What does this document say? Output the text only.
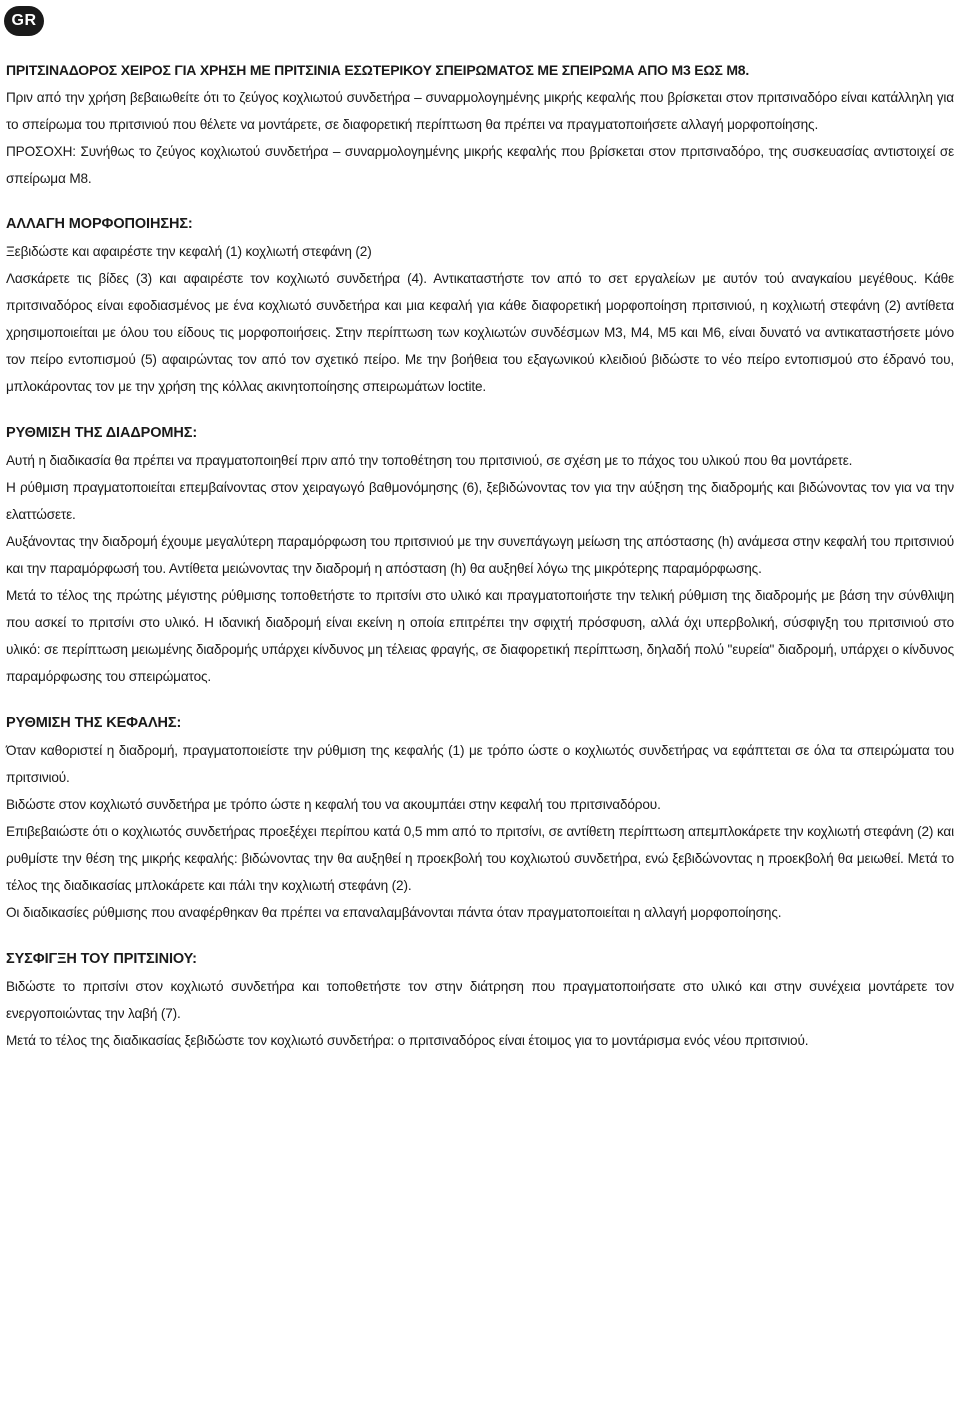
GR

ΠΡΙΤΣΙΝΑΔΟΡΟΣ ΧΕΙΡΟΣ ΓΙΑ ΧΡΗΣΗ ΜΕ ΠΡΙΤΣΙΝΙΑ ΕΣΩΤΕΡΙΚΟΥ ΣΠΕΙΡΩΜΑΤΟΣ ΜΕ ΣΠΕΙΡΩΜΑ ΑΠΟ M3 ΕΩΣ M8.

Πριν από την χρήση βεβαιωθείτε ότι το ζεύγος κοχλιωτού συνδετήρα – συναρμολογημένης μικρής κεφαλής που βρίσκεται στον πριτσιναδόρο είναι κατάλληλη για το σπείρωμα του πριτσινιού που θέλετε να μοντάρετε, σε διαφορετική περίπτωση θα πρέπει να πραγματοποιήσετε αλλαγή μορφοποίησης.

ΠΡΟΣΟΧΗ: Συνήθως το ζεύγος κοχλιωτού συνδετήρα – συναρμολογημένης μικρής κεφαλής που βρίσκεται στον πριτσιναδόρο, της συσκευασίας αντιστοιχεί σε σπείρωμα M8.

ΑΛΛΑΓΗ ΜΟΡΦΟΠΟΙΗΣΗΣ:

Ξεβιδώστε και αφαιρέστε την κεφαλή (1) κοχλιωτή στεφάνη (2)

Λασκάρετε τις βίδες (3) και αφαιρέστε τον κοχλιωτό συνδετήρα (4). Αντικαταστήστε τον από το σετ εργαλείων με αυτόν τού αναγκαίου μεγέθους. Κάθε πριτσιναδόρος είναι εφοδιασμένος με ένα κοχλιωτό συνδετήρα και μια κεφαλή για κάθε διαφορετική μορφοποίηση πριτσινιού, η κοχλιωτή στεφάνη (2) αντίθετα χρησιμοποιείται με όλου του είδους τις μορφοποιήσεις. Στην περίπτωση των κοχλιωτών συνδέσμων M3, M4, M5 και M6, είναι δυνατό να αντικαταστήσετε μόνο τον πείρο εντοπισμού (5) αφαιρώντας τον από τον σχετικό πείρο. Με την βοήθεια του εξαγωνικού κλειδιού βιδώστε το νέο πείρο εντοπισμού στο έδρανό του, μπλοκάροντας τον με την χρήση της κόλλας ακινητοποίησης σπειρωμάτων loctite.

ΡΥΘΜΙΣΗ ΤΗΣ ΔΙΑΔΡΟΜΗΣ:

Αυτή η διαδικασία θα πρέπει να πραγματοποιηθεί πριν από την τοποθέτηση του πριτσινιού, σε σχέση με το πάχος του υλικού που θα μοντάρετε.

Η ρύθμιση πραγματοποιείται επεμβαίνοντας στον χειραγωγό βαθμονόμησης (6), ξεβιδώνοντας τον για την αύξηση της διαδρομής και βιδώνοντας τον για να την ελαττώσετε.

Αυξάνοντας την διαδρομή έχουμε μεγαλύτερη παραμόρφωση του πριτσινιού με την συνεπάγωγη μείωση της απόστασης (h) ανάμεσα στην κεφαλή του πριτσινιού και την παραμόρφωσή του. Αντίθετα μειώνοντας την διαδρομή η απόσταση (h) θα αυξηθεί λόγω της μικρότερης παραμόρφωσης.

Μετά το τέλος της πρώτης μέγιστης ρύθμισης τοποθετήστε το πριτσίνι στο υλικό και πραγματοποιήστε την τελική ρύθμιση της διαδρομής με βάση την σύνθλιψη που ασκεί το πριτσίνι στο υλικό. Η ιδανική διαδρομή είναι εκείνη η οποία επιτρέπει την σφιχτή πρόσφυση, αλλά όχι υπερβολική, σύσφιγξη του πριτσινιού στο υλικό: σε περίπτωση μειωμένης διαδρομής υπάρχει κίνδυνος μη τέλειας φραγής, σε διαφορετική περίπτωση, δηλαδή πολύ "ευρεία" διαδρομή, υπάρχει ο κίνδυνος παραμόρφωσης του σπειρώματος.

ΡΥΘΜΙΣΗ ΤΗΣ ΚΕΦΑΛΗΣ:

Όταν καθοριστεί η διαδρομή, πραγματοποιείστε την ρύθμιση της κεφαλής (1) με τρόπο ώστε ο κοχλιωτός συνδετήρας να εφάπτεται σε όλα τα σπειρώματα του πριτσινιού.

Βιδώστε στον κοχλιωτό συνδετήρα με τρόπο ώστε η κεφαλή του να ακουμπάει στην κεφαλή του πριτσιναδόρου.

Επιβεβαιώστε ότι ο κοχλιωτός συνδετήρας προεξέχει περίπου κατά 0,5 mm από το πριτσίνι, σε αντίθετη περίπτωση απεμπλοκάρετε την κοχλιωτή στεφάνη (2) και ρυθμίστε την θέση της μικρής κεφαλής: βιδώνοντας την θα αυξηθεί η προεκβολή του κοχλιωτού συνδετήρα, ενώ ξεβιδώνοντας η προεκβολή θα μειωθεί. Μετά το τέλος της διαδικασίας μπλοκάρετε και πάλι την κοχλιωτή στεφάνη (2).

Οι διαδικασίες ρύθμισης που αναφέρθηκαν θα πρέπει να επαναλαμβάνονται πάντα όταν πραγματοποιείται η αλλαγή μορφοποίησης.

ΣΥΣΦΙΓΞΗ ΤΟΥ ΠΡΙΤΣΙΝΙΟΥ:

Βιδώστε το πριτσίνι στον κοχλιωτό συνδετήρα και τοποθετήστε τον στην διάτρηση που πραγματοποιήσατε στο υλικό και στην συνέχεια μοντάρετε τον ενεργοποιώντας την λαβή (7).

Μετά το τέλος της διαδικασίας ξεβιδώστε τον κοχλιωτό συνδετήρα: ο πριτσιναδόρος είναι έτοιμος για το μοντάρισμα ενός νέου πριτσινιού.
